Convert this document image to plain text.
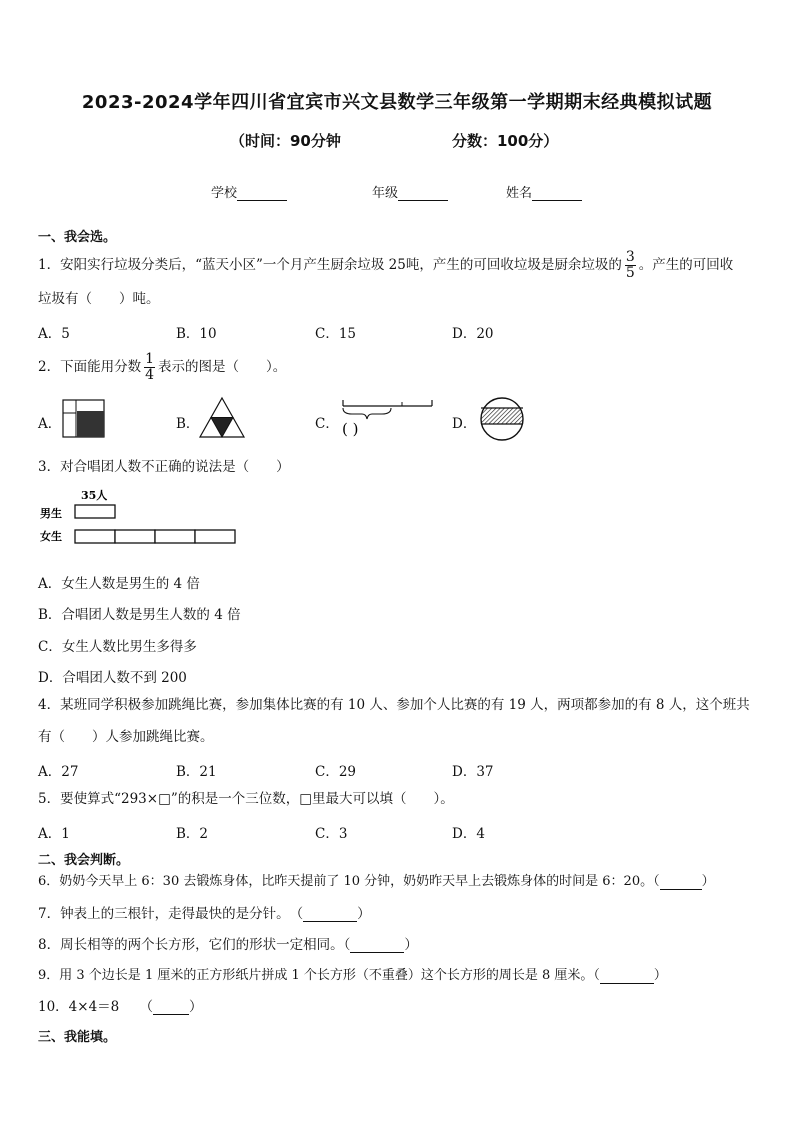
2023-2024学年四川省宜宾市兴文县数学三年级第一学期期末经典模拟试题
（时间：90分钟	分数：100分）
学校	年级	姓名
一、我会选。
1．安阳实行垃圾分类后，“蓝天小区”一个月产生厨余垃圾 25吨，产生的可回收垃圾是厨余垃圾的 $\frac{3}{5}$ 。产生的可回收
垃圾有（　　）吨。
A．5	B．10	C．15	D．20
2．下面能用分数 $\frac{1}{4}$ 表示的图是（　　）。
A．	B．	C． ( )	D．
3．对合唱团人数不正确的说法是（　　）
35人
男生
女生
A．女生人数是男生的 4 倍
B．合唱团人数是男生人数的 4 倍
C．女生人数比男生多得多
D．合唱团人数不到 200
4．某班同学积极参加跳绳比赛，参加集体比赛的有 10 人、参加个人比赛的有 19 人，两项都参加的有 8 人，这个班共
有（　　）人参加跳绳比赛。
A．27	B．21	C．29	D．37
5．要使算式“293×□”的积是一个三位数，□里最大可以填（　　）。
A．1	B．2	C．3	D．4
二、我会判断。
6．奶奶今天早上 6：30 去锻炼身体，比昨天提前了 10 分钟，奶奶昨天早上去锻炼身体的时间是 6：20。（	）
7．钟表上的三根针，走得最快的是分针。　（	）
8．周长相等的两个长方形，它们的形状一定相同。（	）
9．用 3 个边长是 1 厘米的正方形纸片拼成 1 个长方形（不重叠）这个长方形的周长是 8 厘米。（	）
10．4×4＝8　　（	）
三、我能填。
